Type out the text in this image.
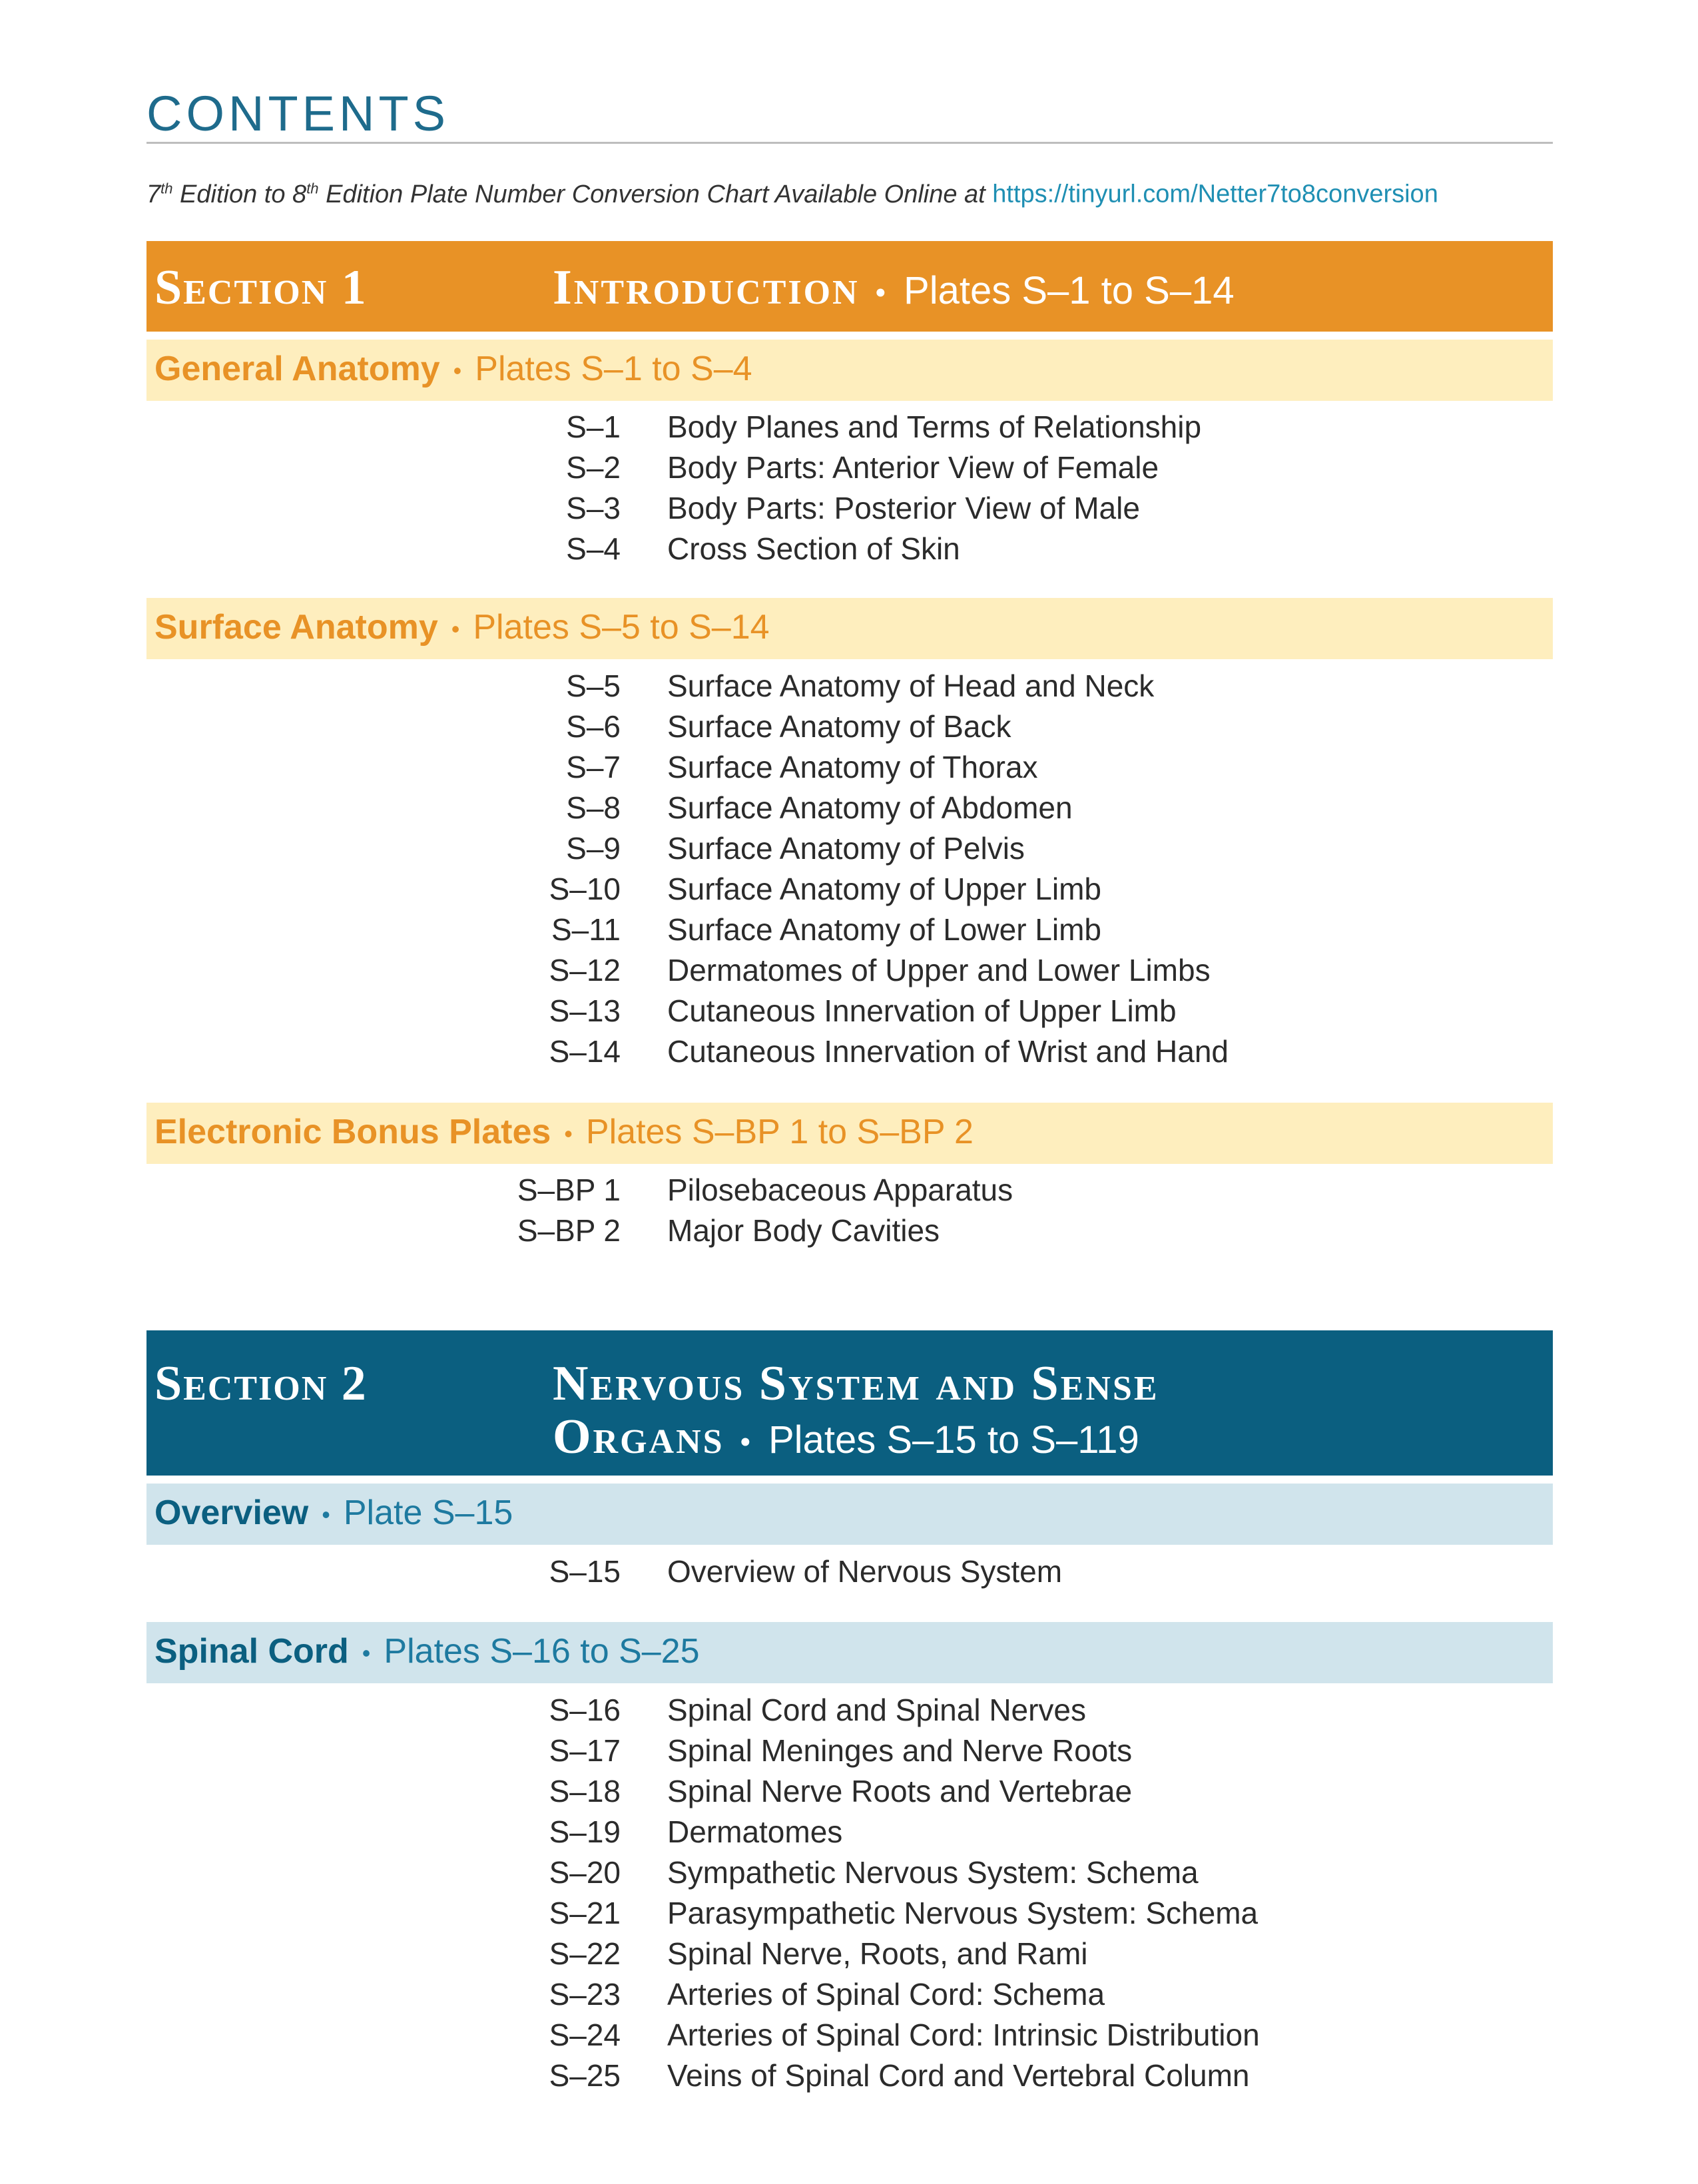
CONTENTS
7th Edition to 8th Edition Plate Number Conversion Chart Available Online at https://tinyurl.com/Netter7to8conversion
Section 1	Introduction • Plates S–1 to S–14
General Anatomy • Plates S–1 to S–4
S–1 Body Planes and Terms of Relationship
S–2 Body Parts: Anterior View of Female
S–3 Body Parts: Posterior View of Male
S–4 Cross Section of Skin
Surface Anatomy • Plates S–5 to S–14
S–5 Surface Anatomy of Head and Neck
S–6 Surface Anatomy of Back
S–7 Surface Anatomy of Thorax
S–8 Surface Anatomy of Abdomen
S–9 Surface Anatomy of Pelvis
S–10 Surface Anatomy of Upper Limb
S–11 Surface Anatomy of Lower Limb
S–12 Dermatomes of Upper and Lower Limbs
S–13 Cutaneous Innervation of Upper Limb
S–14 Cutaneous Innervation of Wrist and Hand
Electronic Bonus Plates • Plates S–BP 1 to S–BP 2
S–BP 1 Pilosebaceous Apparatus
S–BP 2 Major Body Cavities
Section 2	Nervous System and Sense
Organs • Plates S–15 to S–119
Overview • Plate S–15
S–15 Overview of Nervous System
Spinal Cord • Plates S–16 to S–25
S–16 Spinal Cord and Spinal Nerves
S–17 Spinal Meninges and Nerve Roots
S–18 Spinal Nerve Roots and Vertebrae
S–19 Dermatomes
S–20 Sympathetic Nervous System: Schema
S–21 Parasympathetic Nervous System: Schema
S–22 Spinal Nerve, Roots, and Rami
S–23 Arteries of Spinal Cord: Schema
S–24 Arteries of Spinal Cord: Intrinsic Distribution
S–25 Veins of Spinal Cord and Vertebral Column
